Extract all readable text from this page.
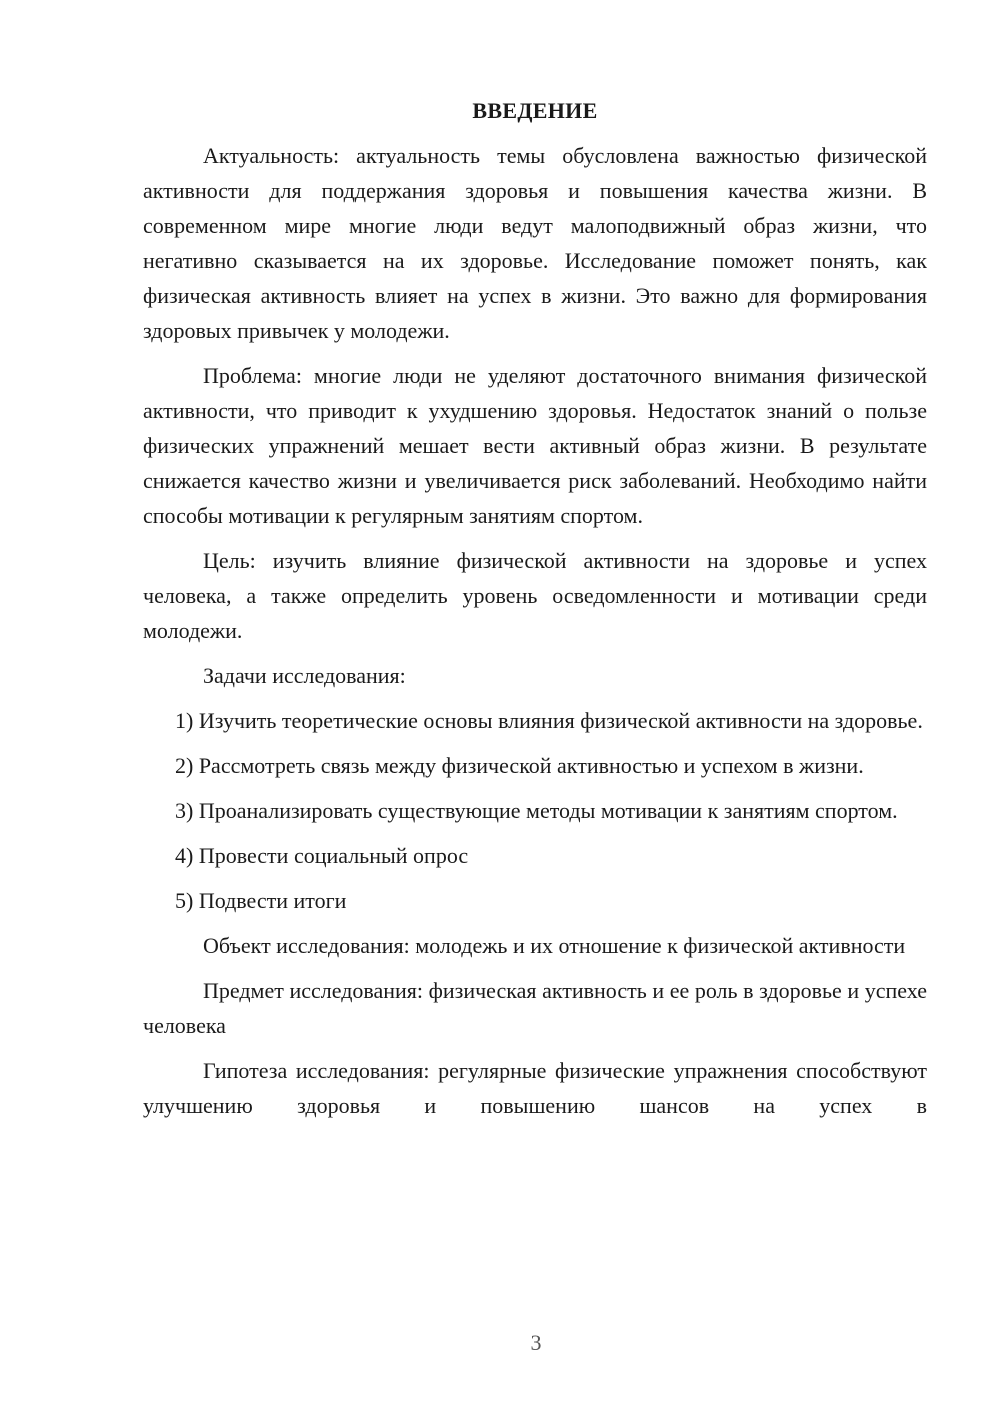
ВВЕДЕНИЕ

Актуальность: актуальность темы обусловлена важностью физической активности для поддержания здоровья и повышения качества жизни. В современном мире многие люди ведут малоподвижный образ жизни, что негативно сказывается на их здоровье. Исследование поможет понять, как физическая активность влияет на успех в жизни. Это важно для формирования здоровых привычек у молодежи.

Проблема: многие люди не уделяют достаточного внимания физической активности, что приводит к ухудшению здоровья. Недостаток знаний о пользе физических упражнений мешает вести активный образ жизни. В результате снижается качество жизни и увеличивается риск заболеваний. Необходимо найти способы мотивации к регулярным занятиям спортом.

Цель: изучить влияние физической активности на здоровье и успех человека, а также определить уровень осведомленности и мотивации среди молодежи.

Задачи исследования:

1) Изучить теоретические основы влияния физической активности на здоровье.

2) Рассмотреть связь между физической активностью и успехом в жизни.

3) Проанализировать существующие методы мотивации к занятиям спортом.

4) Провести социальный опрос

5) Подвести итоги

Объект исследования: молодежь и их отношение к физической активности

Предмет исследования: физическая активность и ее роль в здоровье и успехе человека

Гипотеза исследования: регулярные физические упражнения способствуют улучшению здоровья и повышению шансов на успех в

3
